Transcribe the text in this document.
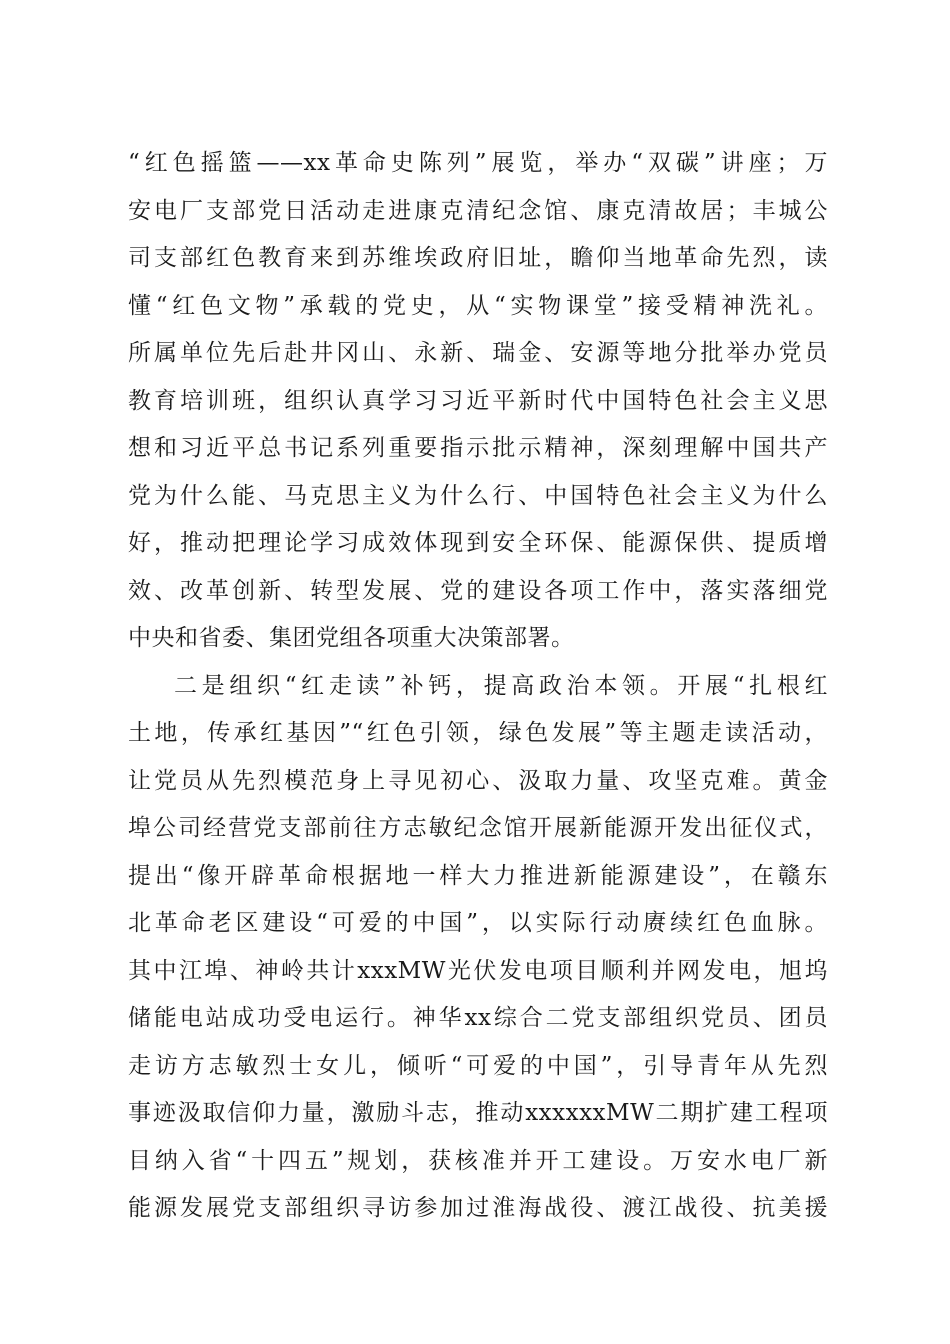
“红色摇篮——xx革命史陈列”展览，举办“双碳”讲座；万
安电厂支部党日活动走进康克清纪念馆、康克清故居；丰城公
司支部红色教育来到苏维埃政府旧址，瞻仰当地革命先烈，读
懂“红色文物”承载的党史，从“实物课堂”接受精神洗礼。
所属单位先后赴井冈山、永新、瑞金、安源等地分批举办党员
教育培训班，组织认真学习习近平新时代中国特色社会主义思
想和习近平总书记系列重要指示批示精神，深刻理解中国共产
党为什么能、马克思主义为什么行、中国特色社会主义为什么
好，推动把理论学习成效体现到安全环保、能源保供、提质增
效、改革创新、转型发展、党的建设各项工作中，落实落细党
中央和省委、集团党组各项重大决策部署。
二是组织“红走读”补钙，提高政治本领。开展“扎根红
土地，传承红基因”“红色引领，绿色发展”等主题走读活动，
让党员从先烈模范身上寻见初心、汲取力量、攻坚克难。黄金
埠公司经营党支部前往方志敏纪念馆开展新能源开发出征仪式，
提出“像开辟革命根据地一样大力推进新能源建设”，在赣东
北革命老区建设“可爱的中国”，以实际行动赓续红色血脉。
其中江埠、神岭共计xxxMW光伏发电项目顺利并网发电，旭坞
储能电站成功受电运行。神华xx综合二党支部组织党员、团员
走访方志敏烈士女儿，倾听“可爱的中国”，引导青年从先烈
事迹汲取信仰力量，激励斗志，推动xxxxxxMW二期扩建工程项
目纳入省“十四五”规划，获核准并开工建设。万安水电厂新
能源发展党支部组织寻访参加过淮海战役、渡江战役、抗美援
